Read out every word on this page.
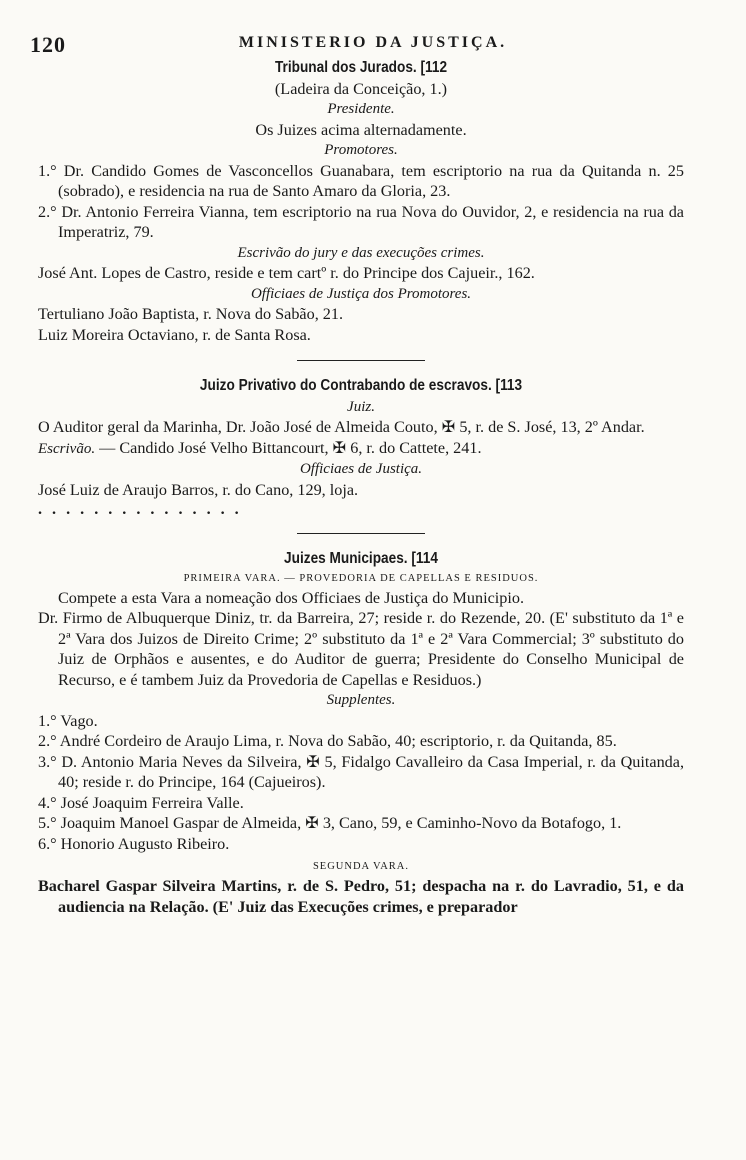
120	MINISTERIO DA JUSTIÇA.
Tribunal dos Jurados. [112
(Ladeira da Conceição, 1.)
Presidente.
Os Juizes acima alternadamente.
Promotores.
1.° Dr. Candido Gomes de Vasconcellos Guanabara, tem escriptorio na rua da Quitanda n. 25 (sobrado), e residencia na rua de Santo Amaro da Gloria, 23.
2.° Dr. Antonio Ferreira Vianna, tem escriptorio na rua Nova do Ouvidor, 2, e residencia na rua da Imperatriz, 79.
Escrivão do jury e das execuções crimes.
José Ant. Lopes de Castro, reside e tem cartº r. do Principe dos Cajueir., 162.
Officiaes de Justiça dos Promotores.
Tertuliano João Baptista, r. Nova do Sabão, 21.
Luiz Moreira Octaviano, r. de Santa Rosa.
Juizo Privativo do Contrabando de escravos. [113
Juiz.
O Auditor geral da Marinha, Dr. João José de Almeida Couto, ✠ 5, r. de S. José, 13, 2º Andar.
Escrivão. — Candido José Velho Bittancourt, ✠ 6, r. do Cattete, 241.
Officiaes de Justiça.
José Luiz de Araujo Barros, r. do Cano, 129, loja.
...............
Juizes Municipaes. [114
PRIMEIRA VARA. — PROVEDORIA DE CAPELLAS E RESIDUOS.
Compete a esta Vara a nomeação dos Officiaes de Justiça do Municipio.
Dr. Firmo de Albuquerque Diniz, tr. da Barreira, 27; reside r. do Rezende, 20. (E' substituto da 1ª e 2ª Vara dos Juizos de Direito Crime; 2º substituto da 1ª e 2ª Vara Commercial; 3º substituto do Juiz de Orphãos e ausentes, e do Auditor de guerra; Presidente do Conselho Municipal de Recurso, e é tambem Juiz da Provedoria de Capellas e Residuos.)
Supplentes.
1.° Vago.
2.° André Cordeiro de Araujo Lima, r. Nova do Sabão, 40; escriptorio, r. da Quitanda, 85.
3.° D. Antonio Maria Neves da Silveira, ✠ 5, Fidalgo Cavalleiro da Casa Imperial, r. da Quitanda, 40; reside r. do Principe, 164 (Cajueiros).
4.° José Joaquim Ferreira Valle.
5.° Joaquim Manoel Gaspar de Almeida, ✠ 3, Cano, 59, e Caminho-Novo da Botafogo, 1.
6.° Honorio Augusto Ribeiro.
SEGUNDA VARA.
Bacharel Gaspar Silveira Martins, r. de S. Pedro, 51; despacha na r. do Lavradio, 51, e da audiencia na Relação. (E' Juiz das Execuções crimes, e preparador
